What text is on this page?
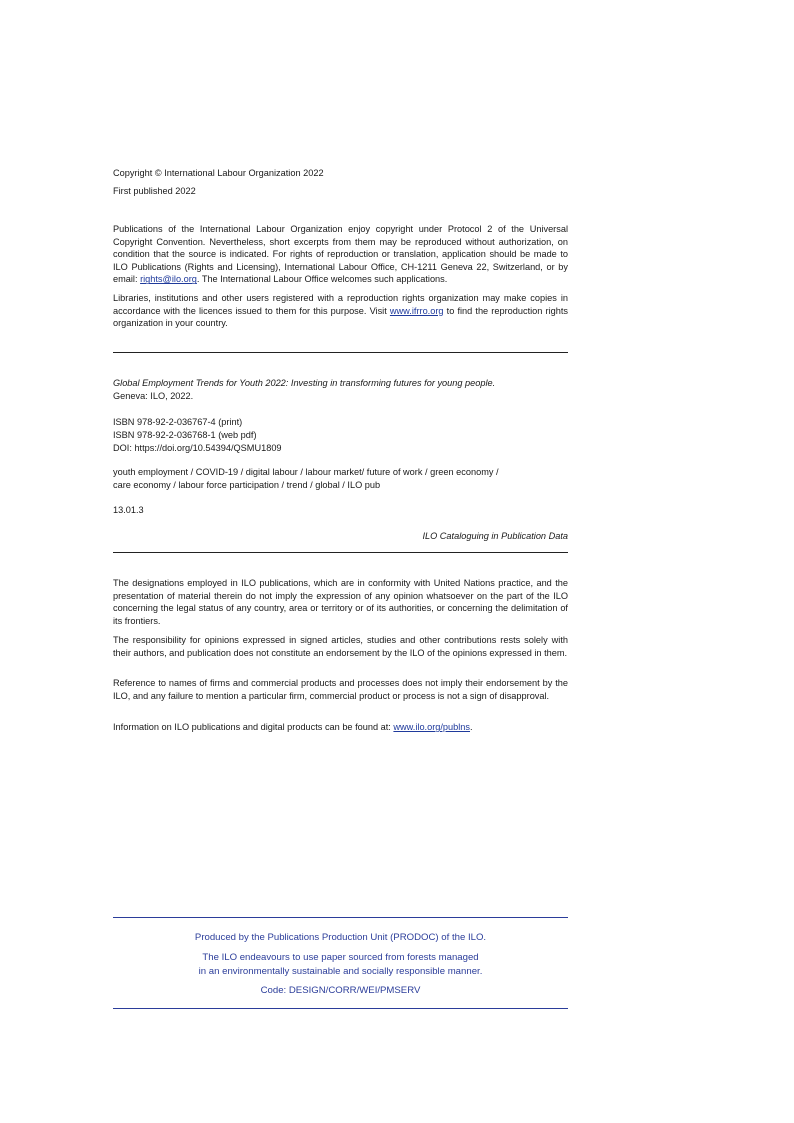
Copyright © International Labour Organization 2022

First published 2022

Publications of the International Labour Organization enjoy copyright under Protocol 2 of the Universal Copyright Convention. Nevertheless, short excerpts from them may be reproduced without authorization, on condition that the source is indicated. For rights of reproduction or translation, application should be made to ILO Publications (Rights and Licensing), International Labour Office, CH-1211 Geneva 22, Switzerland, or by email: rights@ilo.org. The International Labour Office welcomes such applications.

Libraries, institutions and other users registered with a reproduction rights organization may make copies in accordance with the licences issued to them for this purpose. Visit www.ifrro.org to find the reproduction rights organization in your country.

Global Employment Trends for Youth 2022: Investing in transforming futures for young people.

Geneva: ILO, 2022.

ISBN 978-92-2-036767-4 (print)

ISBN 978-92-2-036768-1 (web pdf)

DOI: https://doi.org/10.54394/QSMU1809

youth employment / COVID-19 / digital labour / labour market/ future of work / green economy /

care economy / labour force participation / trend / global / ILO pub

13.01.3

ILO Cataloguing in Publication Data

The designations employed in ILO publications, which are in conformity with United Nations practice, and the presentation of material therein do not imply the expression of any opinion whatsoever on the part of the ILO concerning the legal status of any country, area or territory or of its authorities, or concerning the delimitation of its frontiers.

The responsibility for opinions expressed in signed articles, studies and other contributions rests solely with their authors, and publication does not constitute an endorsement by the ILO of the opinions expressed in them.

Reference to names of firms and commercial products and processes does not imply their endorsement by the ILO, and any failure to mention a particular firm, commercial product or process is not a sign of disapproval.

Information on ILO publications and digital products can be found at: www.ilo.org/publns.

Produced by the Publications Production Unit (PRODOC) of the ILO.

The ILO endeavours to use paper sourced from forests managed

in an environmentally sustainable and socially responsible manner.

Code: DESIGN/CORR/WEI/PMSERV
